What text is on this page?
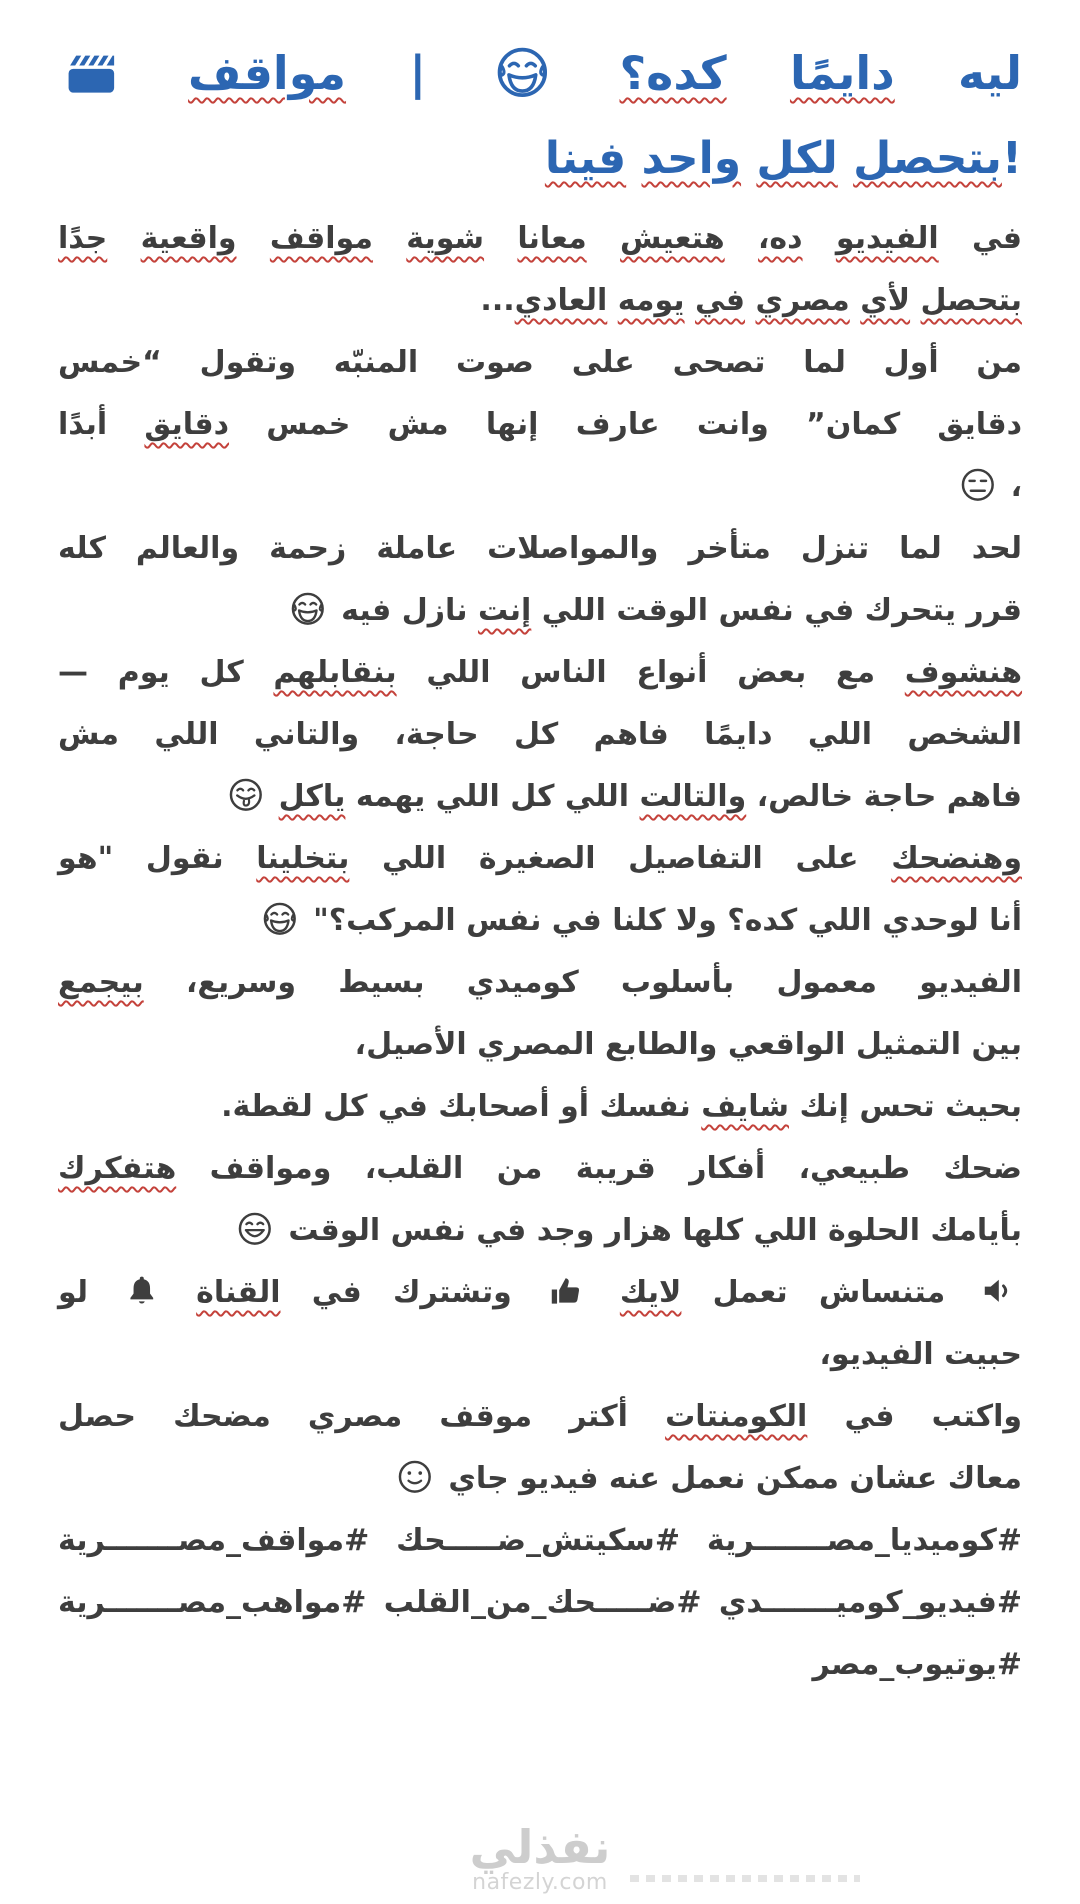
ليه دايمًا كده؟  | مواقف
!بتحصل لكل واحد فينا
في الفيديو ده، هتعيش معانا شوية مواقف واقعية جدًا
بتحصل لأي مصري في يومه العادي...
من أول لما تصحى على صوت المنبّه وتقول “خمس
دقايق كمان” وانت عارف إنها مش خمس دقايق أبدًا
،
لحد لما تنزل متأخر والمواصلات عاملة زحمة والعالم كله
قرر يتحرك في نفس الوقت اللي إنت نازل فيه
هنشوف مع بعض أنواع الناس اللي بنقابلهم كل يوم —
الشخص اللي دايمًا فاهم كل حاجة، والتاني اللي مش
فاهم حاجة خالص، والتالت اللي كل اللي يهمه ياكل
وهنضحك على التفاصيل الصغيرة اللي بتخلينا نقول "هو
أنا لوحدي اللي كده؟ ولا كلنا في نفس المركب؟"
الفيديو معمول بأسلوب كوميدي بسيط وسريع، بيجمع
بين التمثيل الواقعي والطابع المصري الأصيل،
بحيث تحس إنك شايف نفسك أو أصحابك في كل لقطة.
ضحك طبيعي، أفكار قريبة من القلب، ومواقف هتفكرك
بأيامك الحلوة اللي كلها هزار وجد في نفس الوقت
متنساش تعمل لايك  وتشترك في القناة  لو
حبيت الفيديو،
واكتب في الكومنتات أكتر موقف مصري مضحك حصل
معاك عشان ممكن نعمل عنه فيديو جاي
#كوميديا_مصـــــــرية #سكيتش_ضـــــحك #مواقف_مصـــــــرية
#فيديو_كوميـــــــدي #ضـــــحك_من_القلب #مواهب_مصـــــــرية
#يوتيوب_مصر
نفذلي
nafezly.com
